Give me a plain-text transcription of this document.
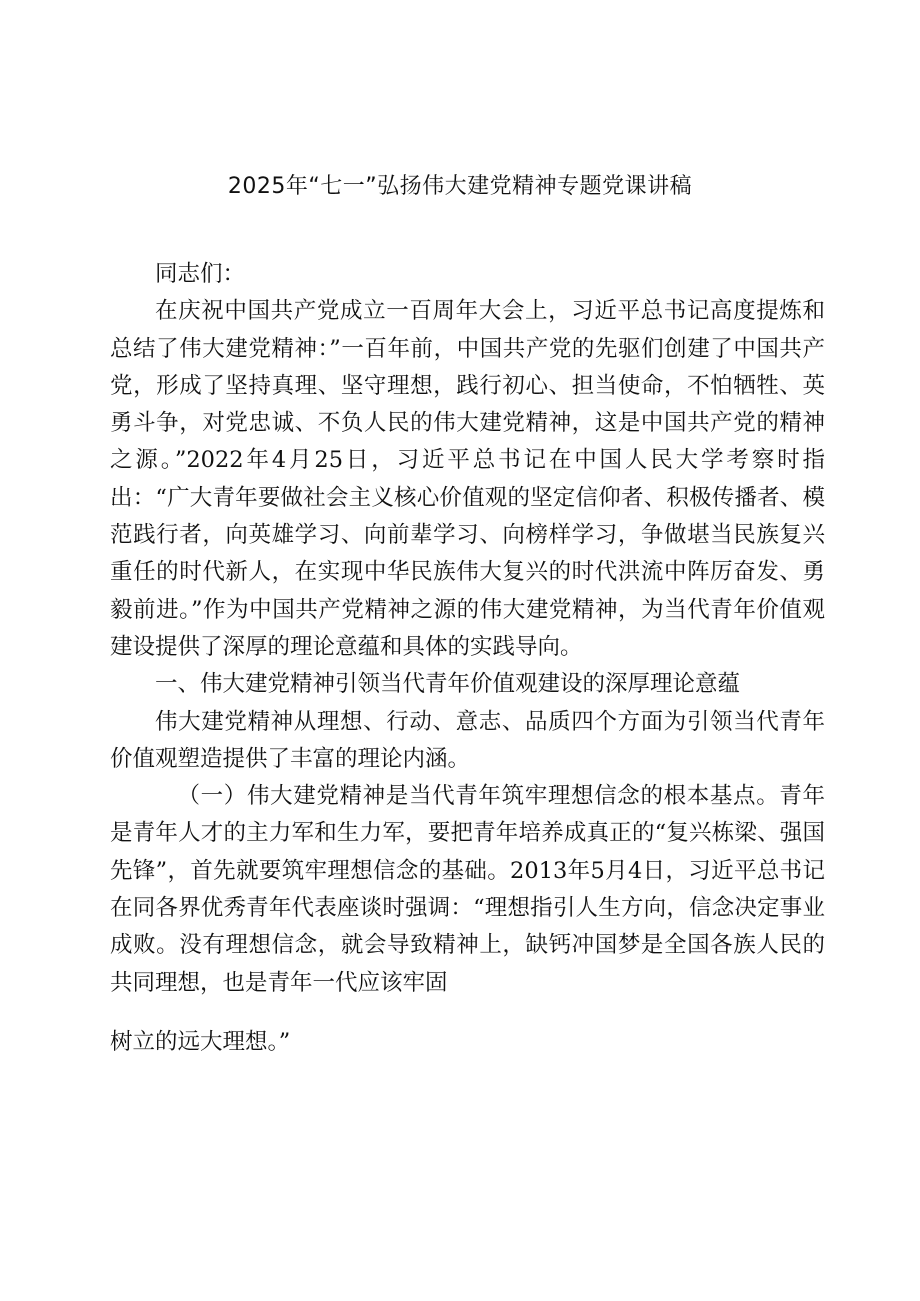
2025年“七一”弘扬伟大建党精神专题党课讲稿

同志们：

在庆祝中国共产党成立一百周年大会上，习近平总书记高度提炼和总结了伟大建党精神：”一百年前，中国共产党的先驱们创建了中国共产党，形成了坚持真理、坚守理想，践行初心、担当使命，不怕牺牲、英勇斗争，对党忠诚、不负人民的伟大建党精神，这是中国共产党的精神之源。”2022年4月25日，习近平总书记在中国人民大学考察时指出：“广大青年要做社会主义核心价值观的坚定信仰者、积极传播者、模范践行者，向英雄学习、向前辈学习、向榜样学习，争做堪当民族复兴重任的时代新人，在实现中华民族伟大复兴的时代洪流中阵厉奋发、勇毅前进。”作为中国共产党精神之源的伟大建党精神，为当代青年价值观建设提供了深厚的理论意蕴和具体的实践导向。

一、伟大建党精神引领当代青年价值观建设的深厚理论意蕴

伟大建党精神从理想、行动、意志、品质四个方面为引领当代青年价值观塑造提供了丰富的理论内涵。

（一）伟大建党精神是当代青年筑牢理想信念的根本基点。青年是青年人才的主力军和生力军，要把青年培养成真正的“复兴栋梁、强国先锋”，首先就要筑牢理想信念的基础。2013年5月4日，习近平总书记在同各界优秀青年代表座谈时强调：“理想指引人生方向，信念决定事业成败。没有理想信念，就会导致精神上，缺钙冲国梦是全国各族人民的共同理想，也是青年一代应该牢固

树立的远大理想。”
